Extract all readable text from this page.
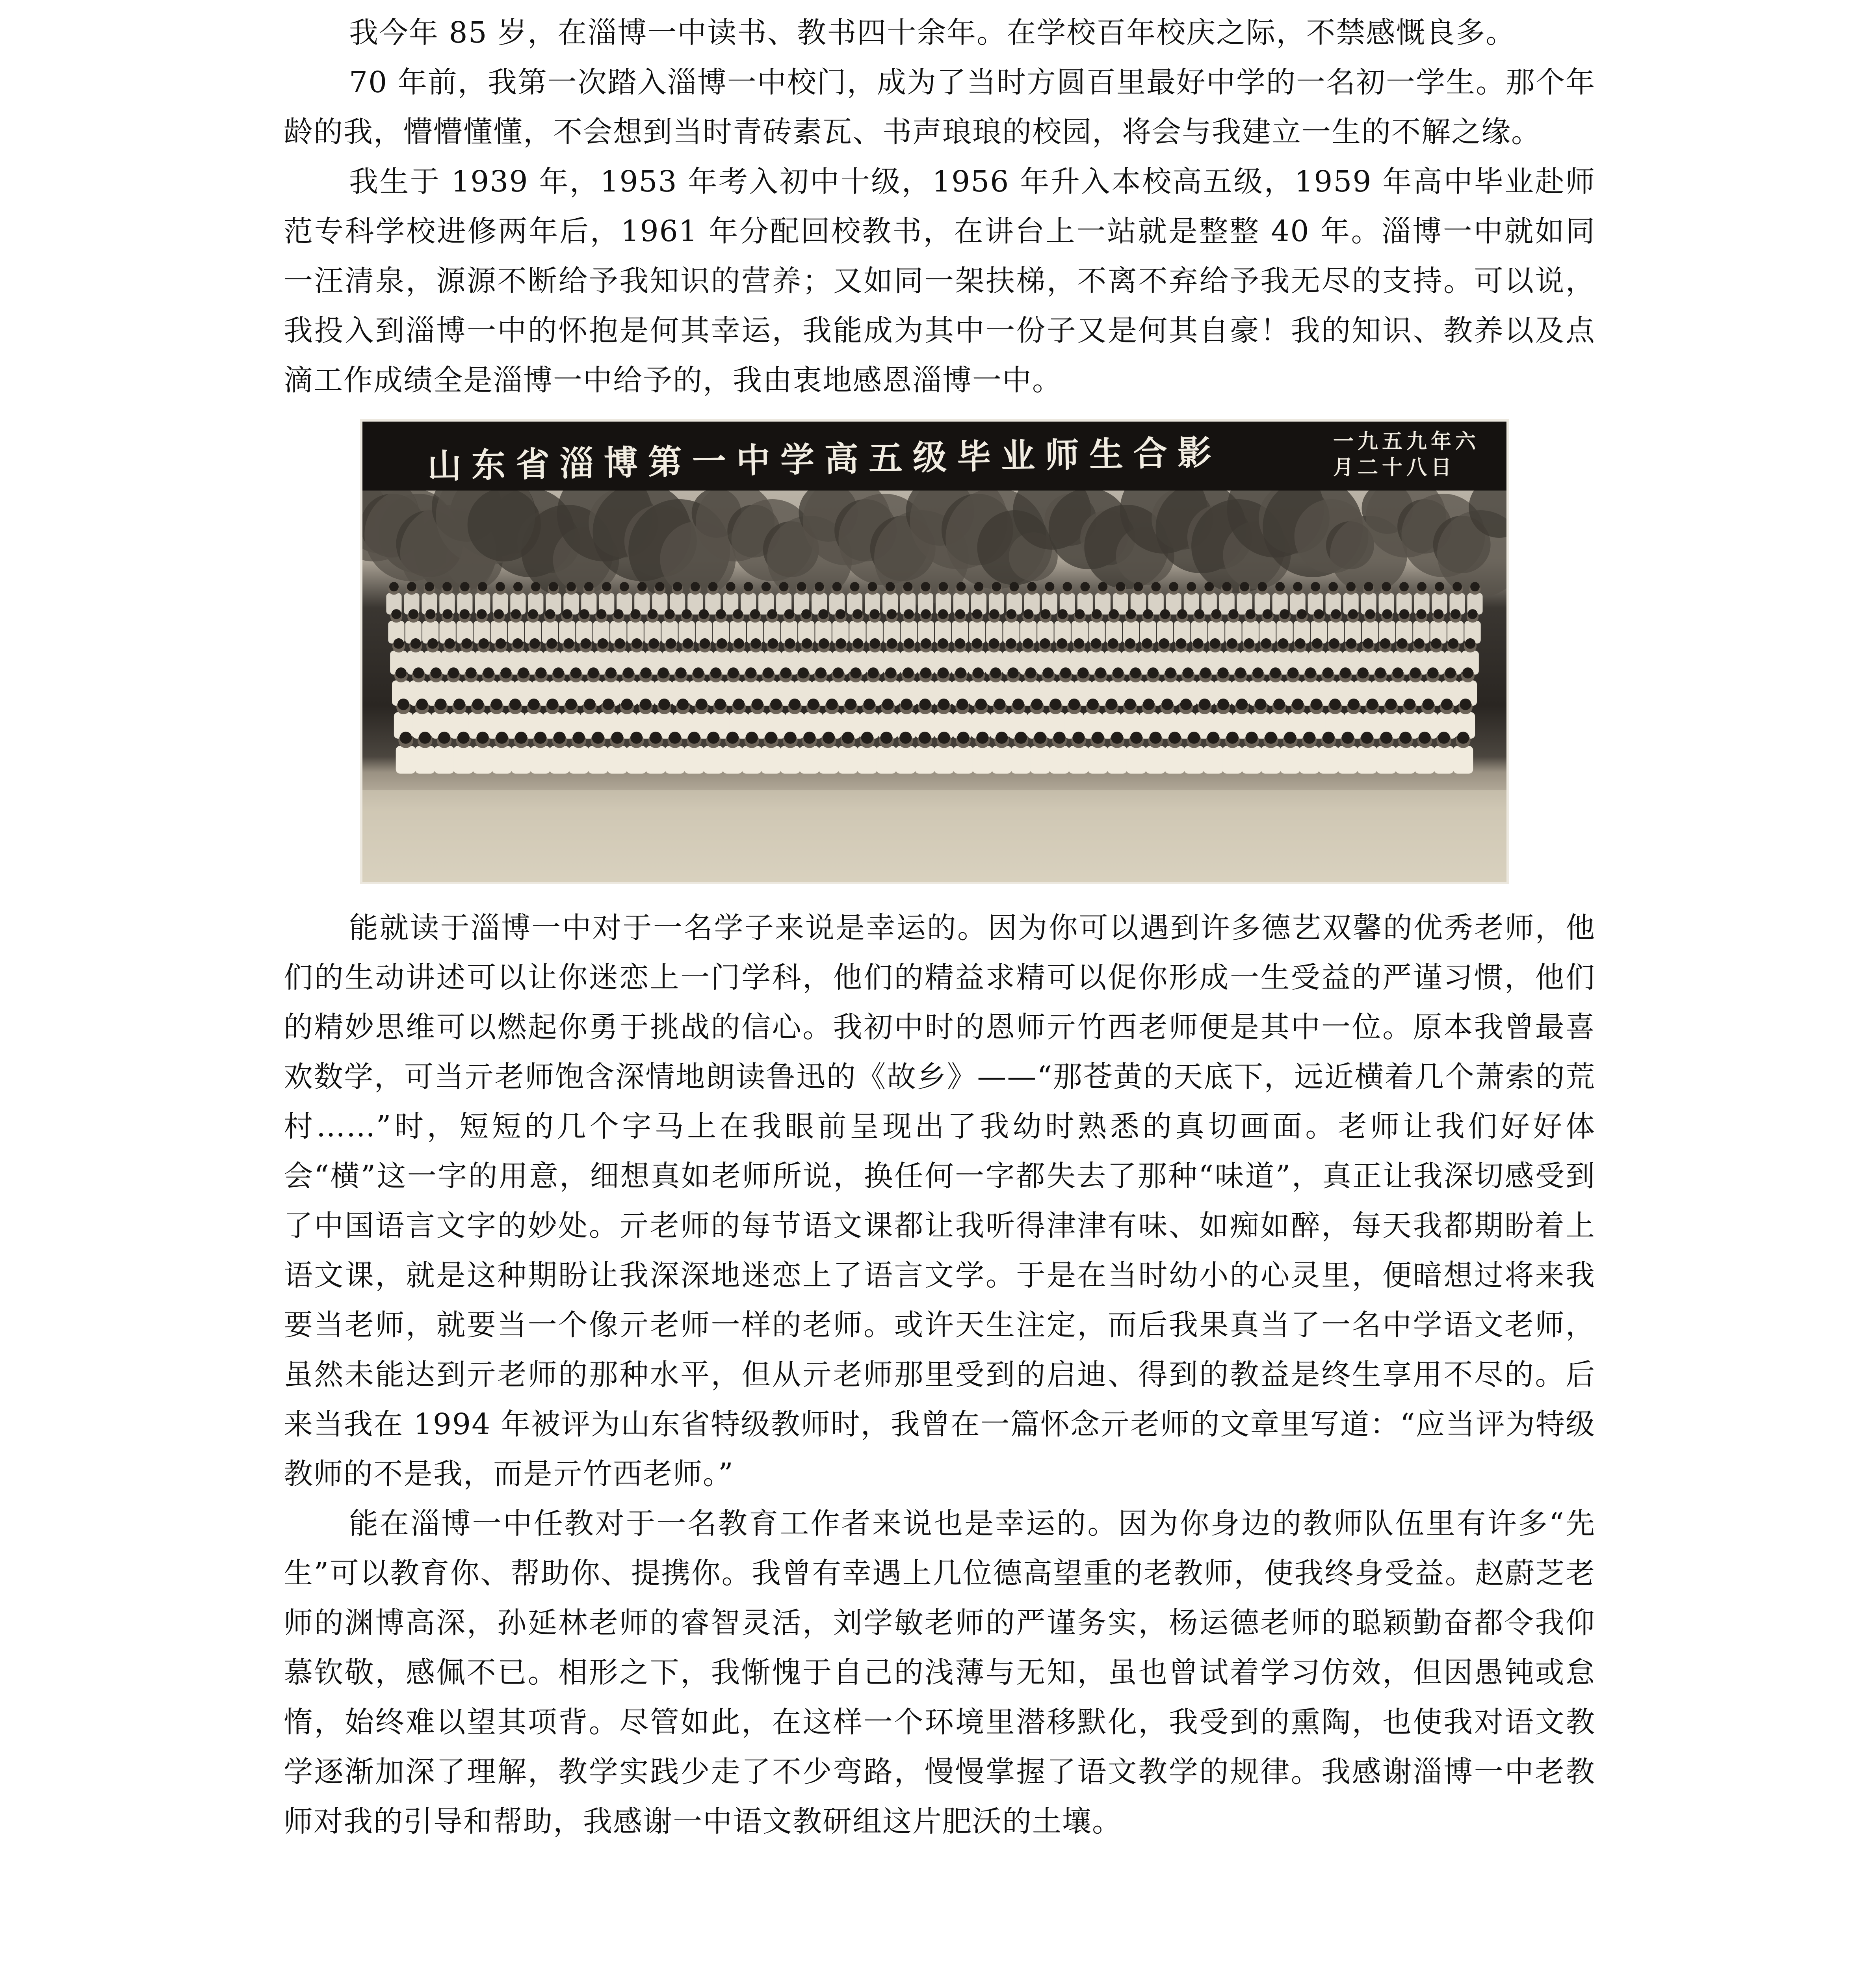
我今年 85 岁，在淄博一中读书、教书四十余年。在学校百年校庆之际，不禁感慨良多。

70 年前，我第一次踏入淄博一中校门，成为了当时方圆百里最好中学的一名初一学生。那个年龄的我，懵懵懂懂，不会想到当时青砖素瓦、书声琅琅的校园，将会与我建立一生的不解之缘。

我生于 1939 年，1953 年考入初中十级，1956 年升入本校高五级，1959 年高中毕业赴师范专科学校进修两年后，1961 年分配回校教书，在讲台上一站就是整整 40 年。淄博一中就如同一汪清泉，源源不断给予我知识的营养；又如同一架扶梯，不离不弃给予我无尽的支持。可以说，我投入到淄博一中的怀抱是何其幸运，我能成为其中一份子又是何其自豪！我的知识、教养以及点滴工作成绩全是淄博一中给予的，我由衷地感恩淄博一中。

山东省淄博第一中学高五级毕业师生合影	一九五九年六月二十八日

能就读于淄博一中对于一名学子来说是幸运的。因为你可以遇到许多德艺双馨的优秀老师，他们的生动讲述可以让你迷恋上一门学科，他们的精益求精可以促你形成一生受益的严谨习惯，他们的精妙思维可以燃起你勇于挑战的信心。我初中时的恩师亓竹西老师便是其中一位。原本我曾最喜欢数学，可当亓老师饱含深情地朗读鲁迅的《故乡》——“那苍黄的天底下，远近横着几个萧索的荒村……”时，短短的几个字马上在我眼前呈现出了我幼时熟悉的真切画面。老师让我们好好体会“横”这一字的用意，细想真如老师所说，换任何一字都失去了那种“味道”，真正让我深切感受到了中国语言文字的妙处。亓老师的每节语文课都让我听得津津有味、如痴如醉，每天我都期盼着上语文课，就是这种期盼让我深深地迷恋上了语言文学。于是在当时幼小的心灵里，便暗想过将来我要当老师，就要当一个像亓老师一样的老师。或许天生注定，而后我果真当了一名中学语文老师，虽然未能达到亓老师的那种水平，但从亓老师那里受到的启迪、得到的教益是终生享用不尽的。后来当我在 1994 年被评为山东省特级教师时，我曾在一篇怀念亓老师的文章里写道：“应当评为特级教师的不是我，而是亓竹西老师。”

能在淄博一中任教对于一名教育工作者来说也是幸运的。因为你身边的教师队伍里有许多“先生”可以教育你、帮助你、提携你。我曾有幸遇上几位德高望重的老教师，使我终身受益。赵蔚芝老师的渊博高深，孙延林老师的睿智灵活，刘学敏老师的严谨务实，杨运德老师的聪颖勤奋都令我仰慕钦敬，感佩不已。相形之下，我惭愧于自己的浅薄与无知，虽也曾试着学习仿效，但因愚钝或怠惰，始终难以望其项背。尽管如此，在这样一个环境里潜移默化，我受到的熏陶，也使我对语文教学逐渐加深了理解，教学实践少走了不少弯路，慢慢掌握了语文教学的规律。我感谢淄博一中老教师对我的引导和帮助，我感谢一中语文教研组这片肥沃的土壤。
